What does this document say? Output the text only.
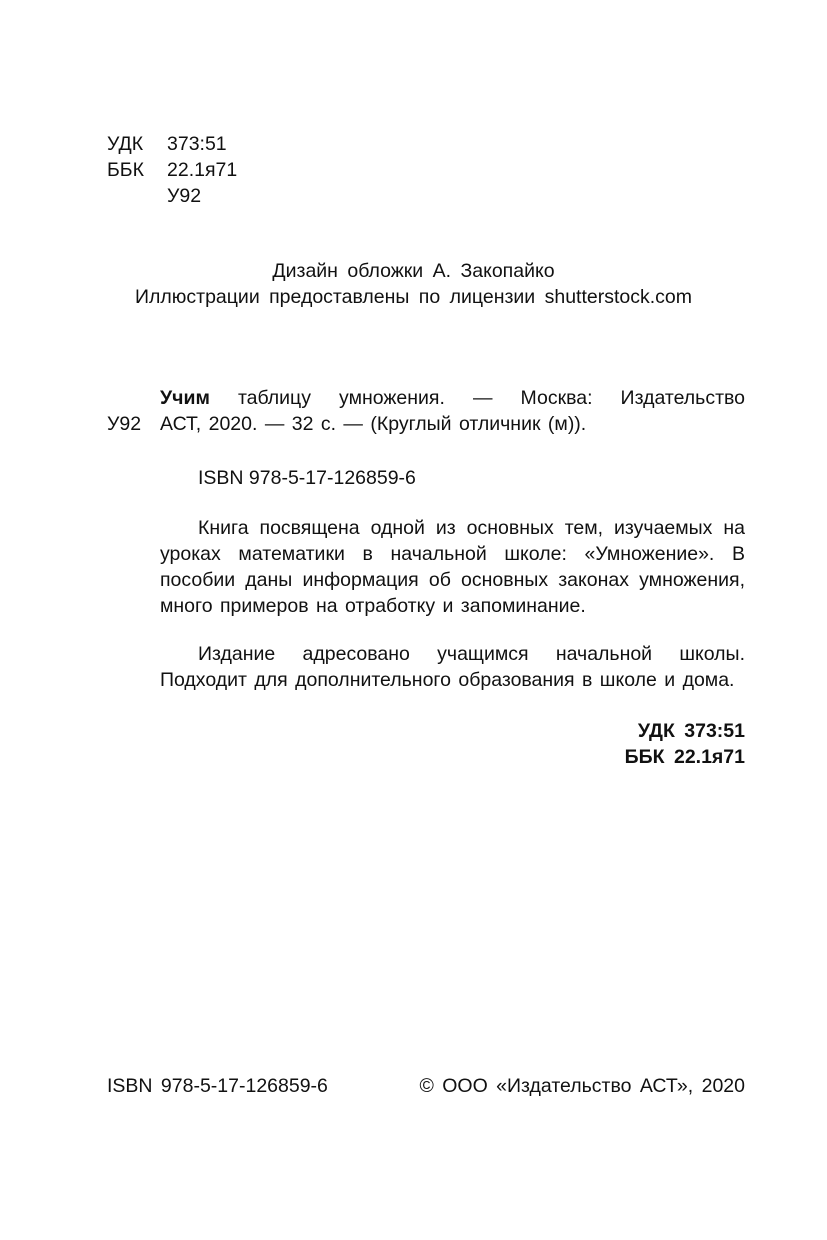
УДК	373:51
ББК	22.1я71
У92
Дизайн обложки А. Закопайко
Иллюстрации предоставлены по лицензии shutterstock.com
У92
Учим таблицу умножения. — Москва: Издательство
АСТ, 2020. — 32 с. — (Круглый отличник (м)).
ISBN 978-5-17-126859-6
Книга посвящена одной из основных тем, изучаемых на уроках математики в начальной школе: «Умножение». В пособии даны информация об основных законах умножения, много примеров на отработку и запоминание.
Издание адресовано учащимся начальной школы. Подходит для дополнительного образования в школе и дома.
УДК 373:51
ББК 22.1я71
ISBN 978-5-17-126859-6	© ООО «Издательство АСТ», 2020
